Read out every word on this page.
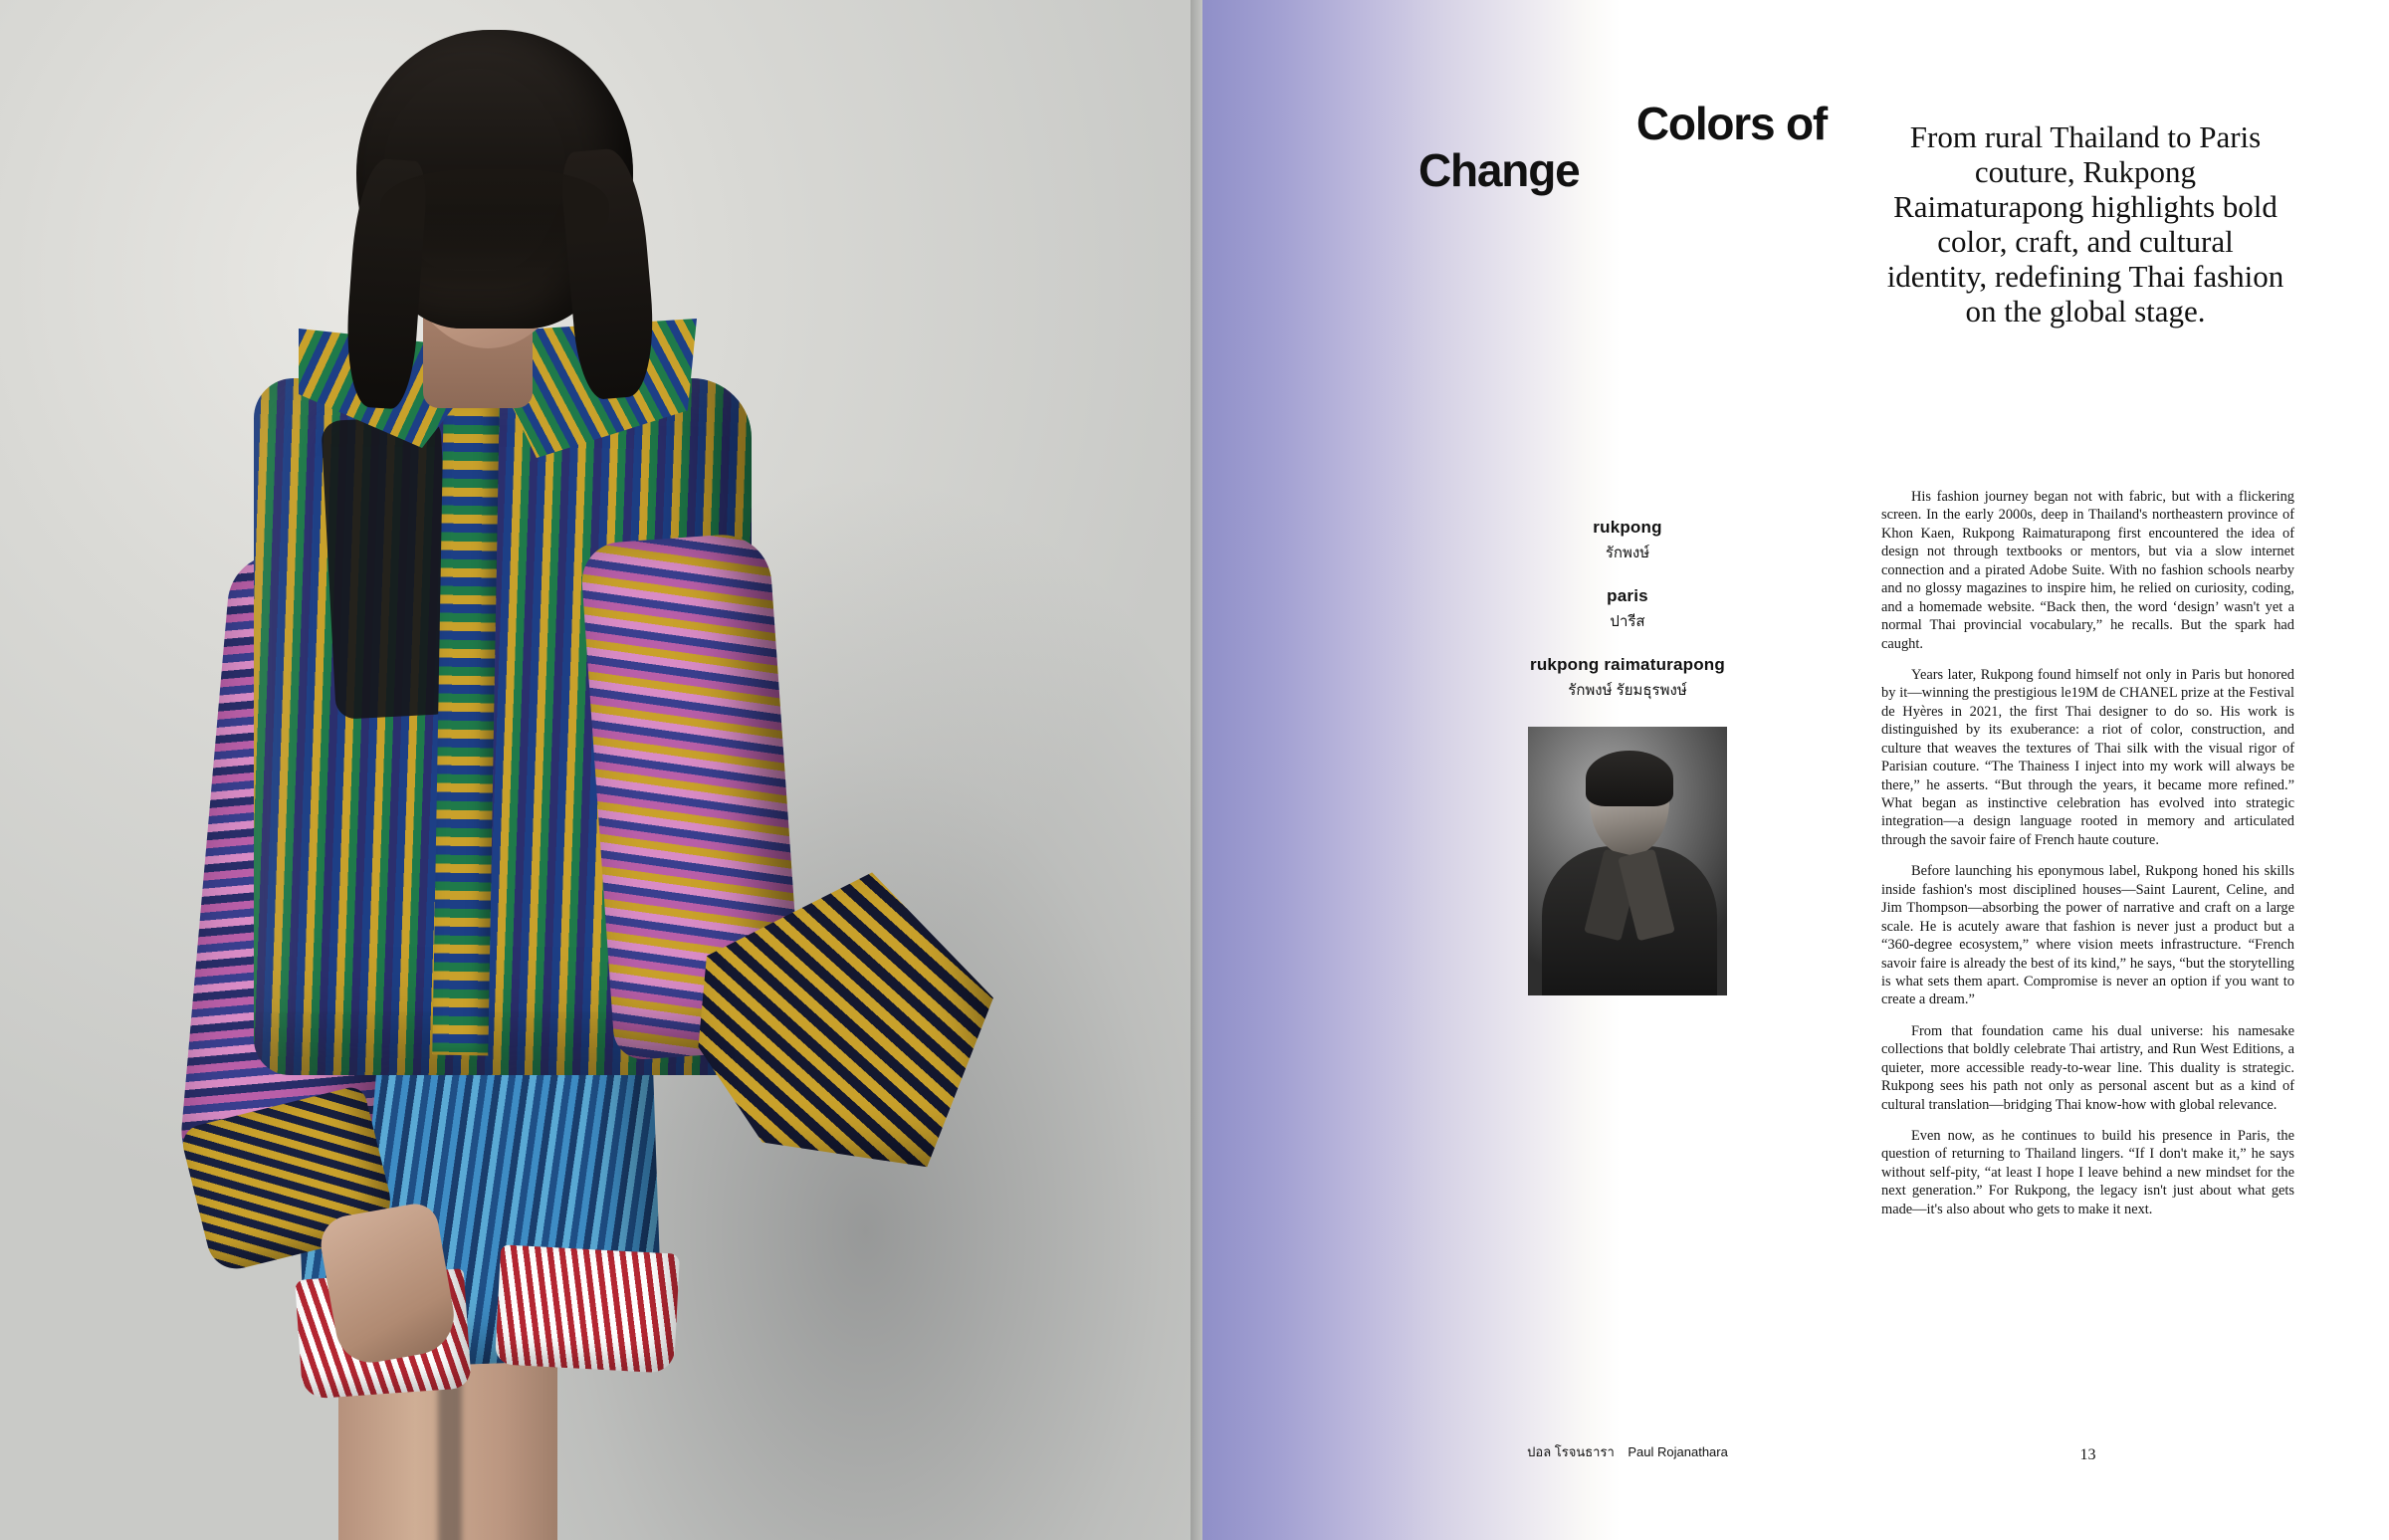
Colors of
Change
From rural Thailand to Paris couture, Rukpong Raimaturapong highlights bold color, craft, and cultural identity, redefining Thai fashion on the global stage.
rukpong
รักพงษ์
paris
ปารีส
rukpong raimaturapong
รักพงษ์ รัยมธุรพงษ์

His fashion journey began not with fabric, but with a flickering screen. In the early 2000s, deep in Thailand's northeastern province of Khon Kaen, Rukpong Raimaturapong first encountered the idea of design not through textbooks or mentors, but via a slow internet connection and a pirated Adobe Suite. With no fashion schools nearby and no glossy magazines to inspire him, he relied on curiosity, coding, and a homemade website. “Back then, the word ‘design’ wasn't yet a normal Thai provincial vocabulary,” he recalls. But the spark had caught.

Years later, Rukpong found himself not only in Paris but honored by it—winning the prestigious le19M de CHANEL prize at the Festival de Hyères in 2021, the first Thai designer to do so. His work is distinguished by its exuberance: a riot of color, construction, and culture that weaves the textures of Thai silk with the visual rigor of Parisian couture. “The Thainess I inject into my work will always be there,” he asserts. “But through the years, it became more refined.” What began as instinctive celebration has evolved into strategic integration—a design language rooted in memory and articulated through the savoir faire of French haute couture.

Before launching his eponymous label, Rukpong honed his skills inside fashion's most disciplined houses—Saint Laurent, Celine, and Jim Thompson—absorbing the power of narrative and craft on a large scale. He is acutely aware that fashion is never just a product but a “360-degree ecosystem,” where vision meets infrastructure. “French savoir faire is already the best of its kind,” he says, “but the storytelling is what sets them apart. Compromise is never an option if you want to create a dream.”

From that foundation came his dual universe: his namesake collections that boldly celebrate Thai artistry, and Run West Editions, a quieter, more accessible ready-to-wear line. This duality is strategic. Rukpong sees his path not only as personal ascent but as a kind of cultural translation—bridging Thai know-how with global relevance.

Even now, as he continues to build his presence in Paris, the question of returning to Thailand lingers. “If I don't make it,” he says without self-pity, “at least I hope I leave behind a new mindset for the next generation.” For Rukpong, the legacy isn't just about what gets made—it's also about who gets to make it next.

ปอล โรจนธารา Paul Rojanathara	13
